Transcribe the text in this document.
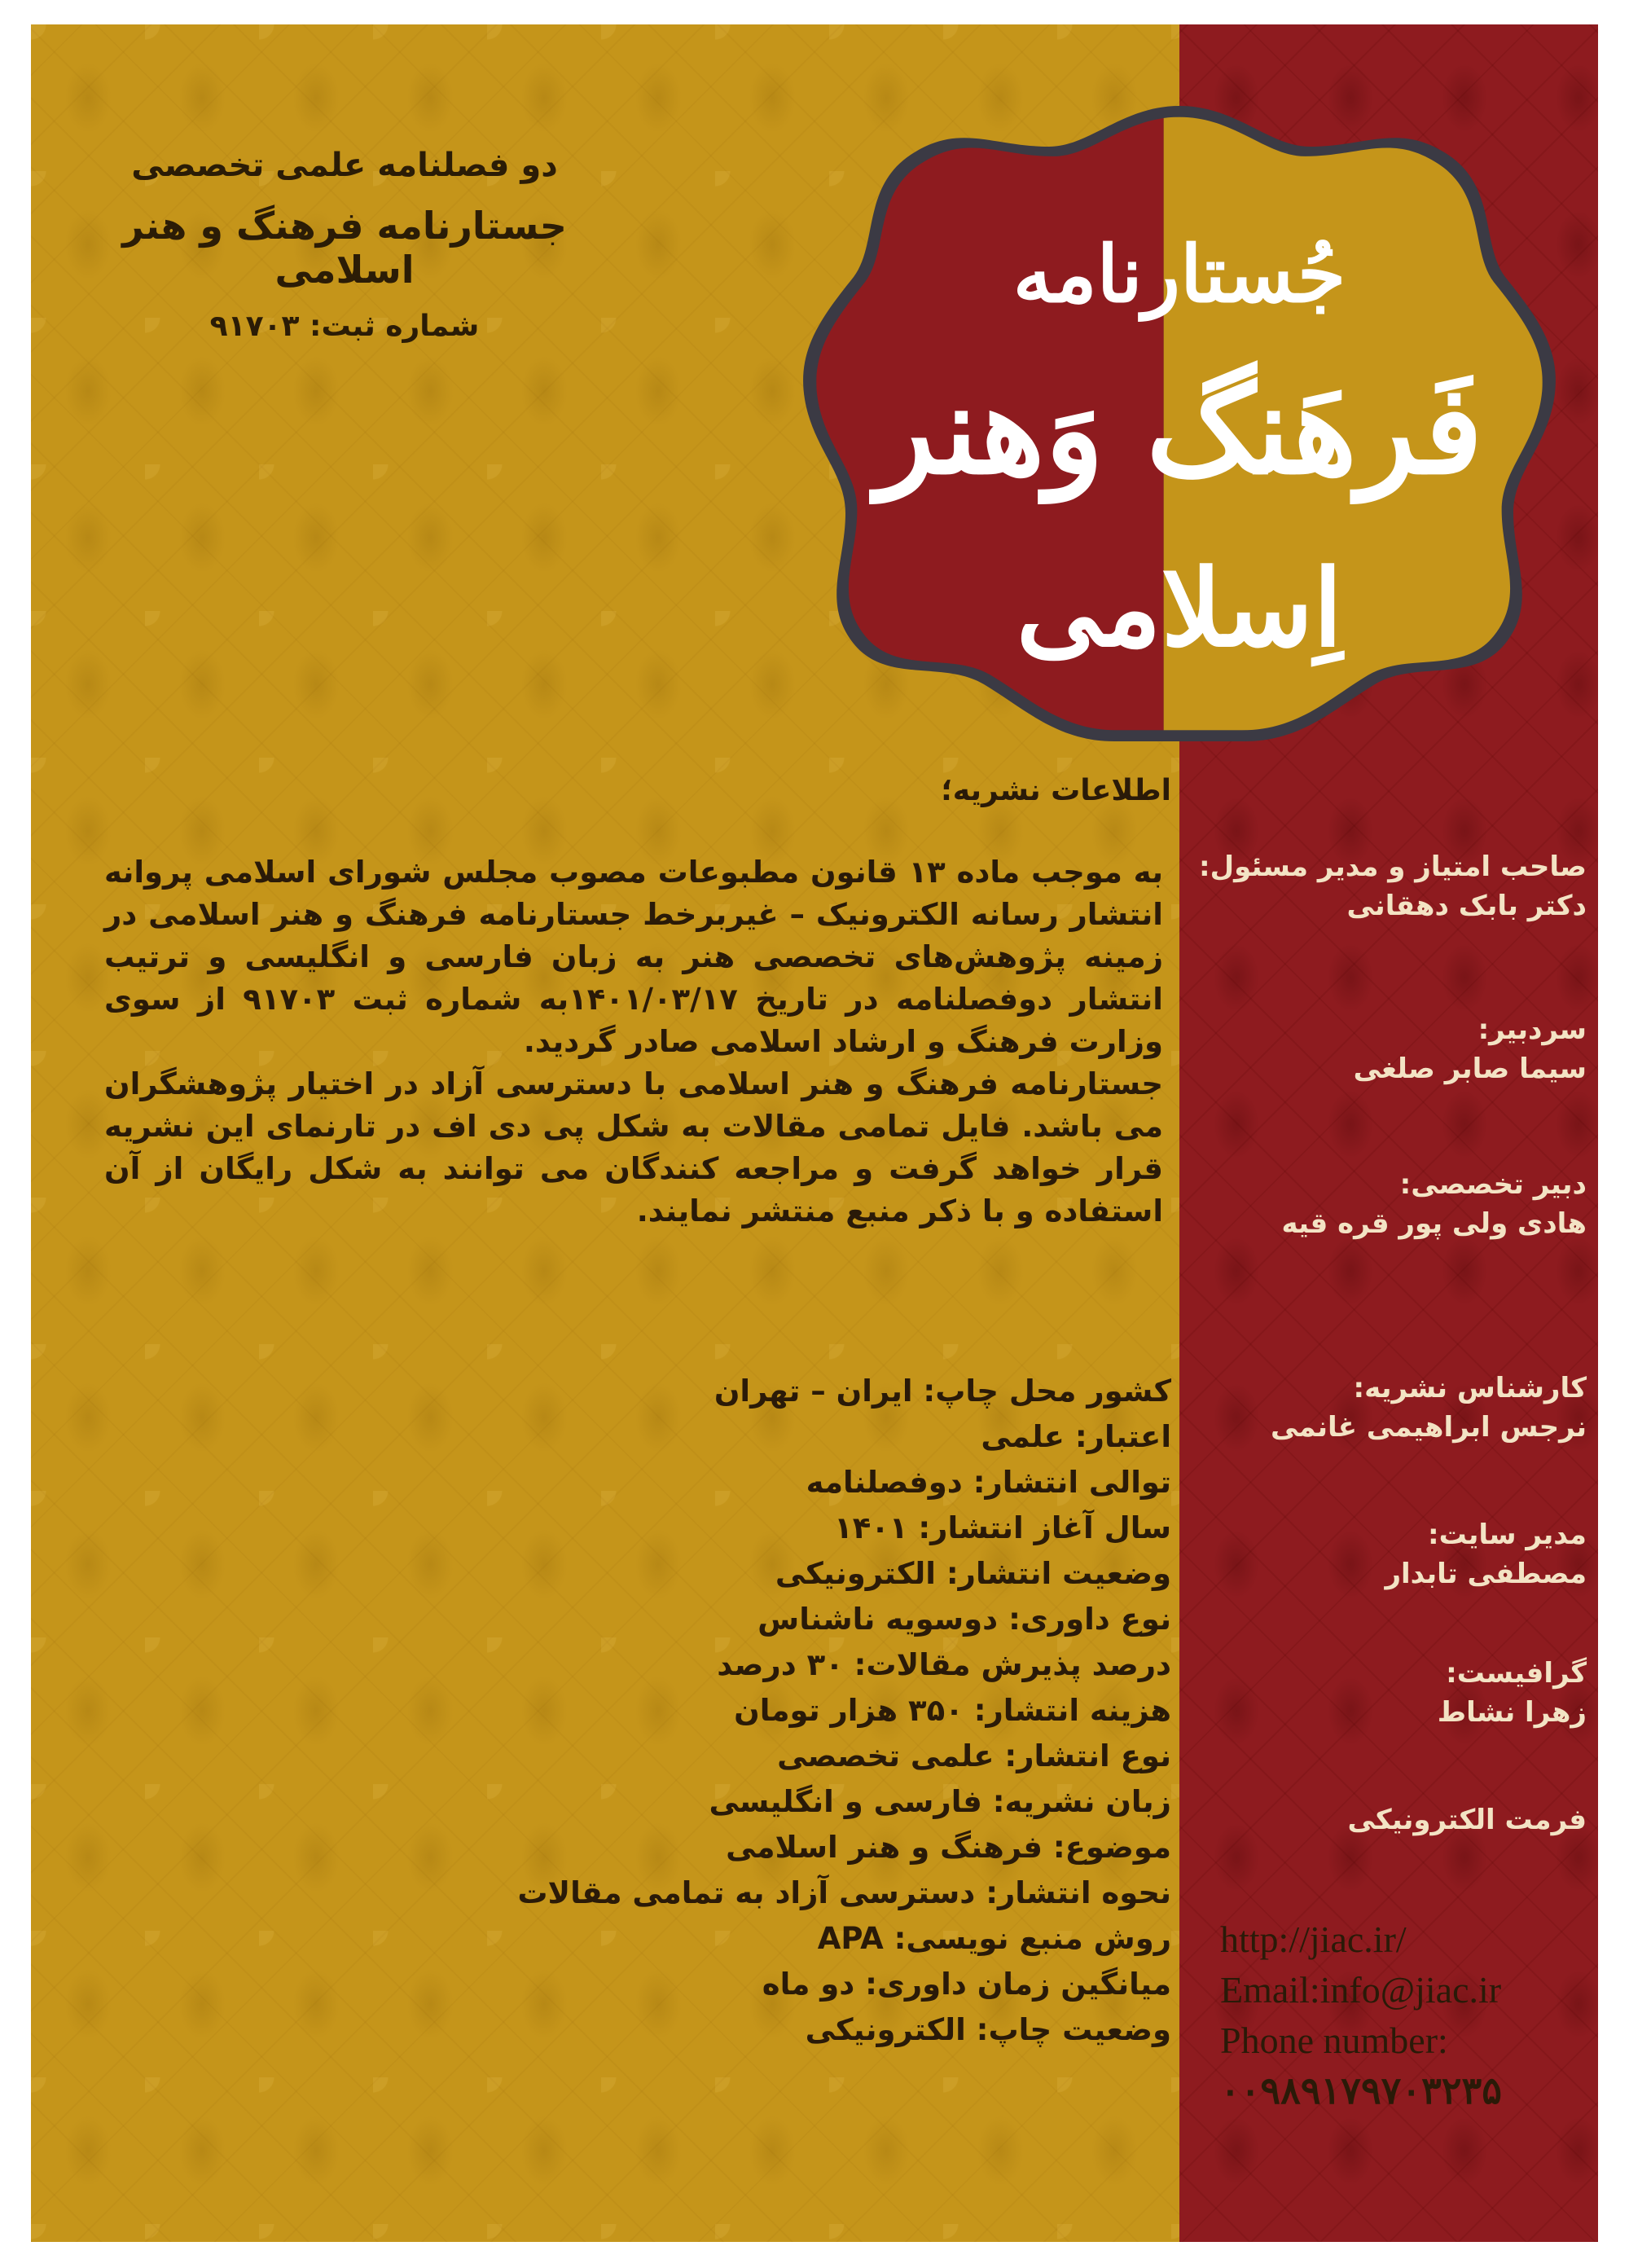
دو فصلنامه علمی تخصصی
جستارنامه فرهنگ و هنر اسلامی
شماره ثبت: ۹۱۷۰۳
جُستارنامه
فَرهَنگ وَهنر
اِسلامی
اطلاعات نشریه؛

به موجب ماده ۱۳ قانون مطبوعات مصوب مجلس شورای اسلامی پروانه انتشار رسانه الکترونیک – غیربرخط جستارنامه فرهنگ و هنر اسلامی در زمینه پژوهش‌های تخصصی هنر به زبان فارسی و انگلیسی و ترتیب انتشار دوفصلنامه در تاریخ ۱۴۰۱/۰۳/۱۷به شماره ثبت ۹۱۷۰۳ از سوی وزارت فرهنگ و ارشاد اسلامی صادر گردید.

جستارنامه فرهنگ و هنر اسلامی با دسترسی آزاد در اختیار پژوهشگران می باشد. فایل تمامی مقالات به شکل پی دی اف در تارنمای این نشریه قرار خواهد گرفت و مراجعه کنندگان می توانند به شکل رایگان از آن استفاده و با ذکر منبع منتشر نمایند.

کشور محل چاپ: ایران – تهران
اعتبار: علمی
توالی انتشار: دوفصلنامه
سال آغاز انتشار: ۱۴۰۱
وضعیت انتشار: الکترونیکی
نوع داوری: دوسویه ناشناس
درصد پذیرش مقالات: ۳۰ درصد
هزینه انتشار: ۳۵۰ هزار تومان
نوع انتشار: علمی تخصصی
زبان نشریه: فارسی و انگلیسی
موضوع: فرهنگ و هنر اسلامی
نحوه انتشار: دسترسی آزاد به تمامی مقالات
روش منبع نویسی: APA
میانگین زمان داوری: دو ماه
وضعیت چاپ: الکترونیکی
صاحب امتیاز و مدیر مسئول:
دکتر بابک دهقانی
سردبیر:
سیما صابر صلغی
دبیر تخصصی:
هادی ولی پور قره قیه
کارشناس نشریه:
نرجس ابراهیمی غانمی
مدیر سایت:
مصطفی تابدار
گرافیست:
زهرا نشاط
فرمت الکترونیکی
http://jiac.ir/
Email:info@jiac.ir
Phone number:
۰۰۹۸۹۱۷۹۷۰۳۲۳۵
